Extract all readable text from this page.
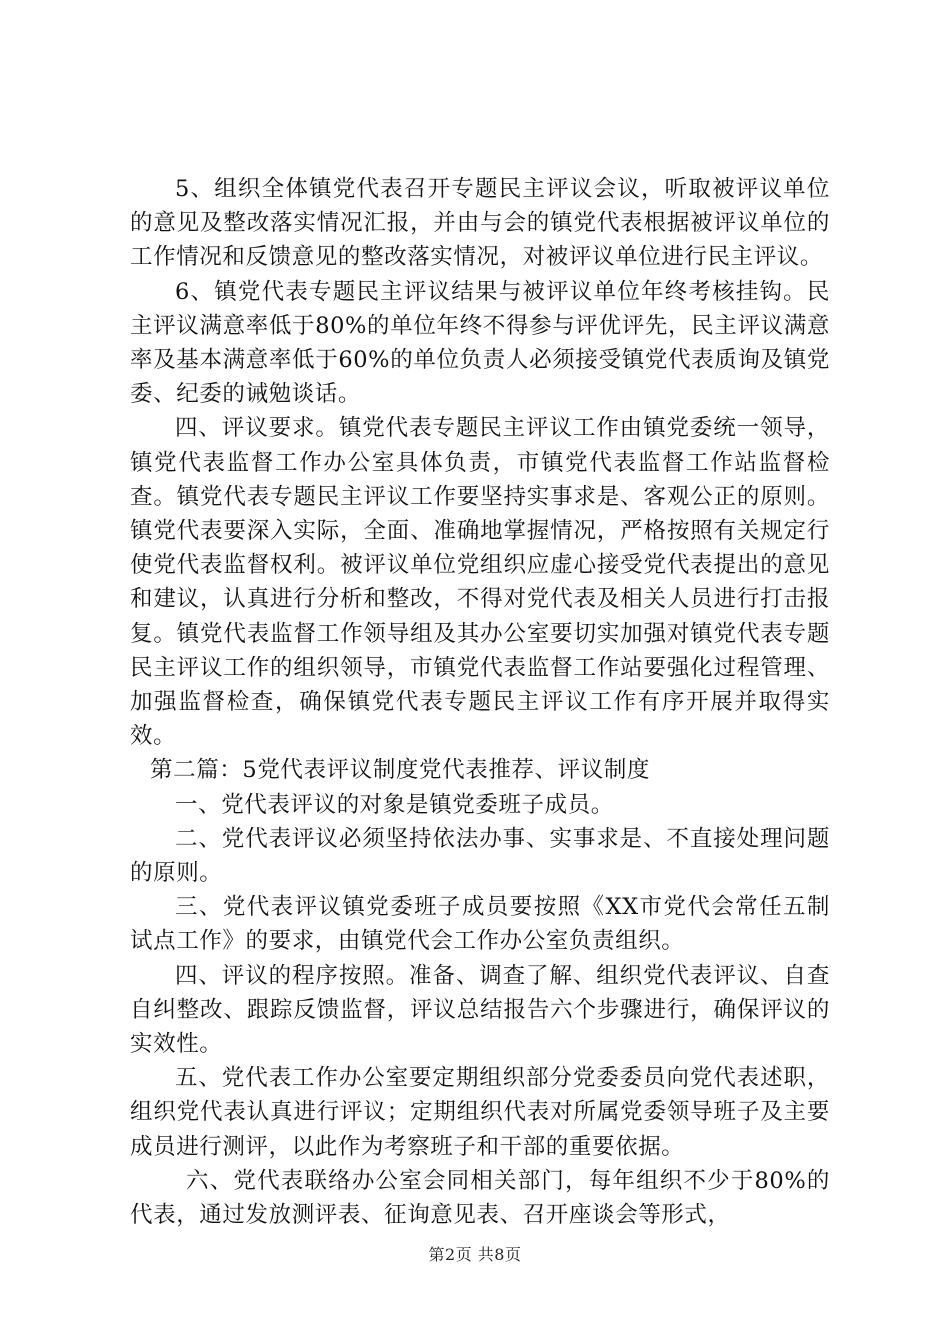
5、组织全体镇党代表召开专题民主评议会议，听取被评议单位的意见及整改落实情况汇报，并由与会的镇党代表根据被评议单位的工作情况和反馈意见的整改落实情况，对被评议单位进行民主评议。

6、镇党代表专题民主评议结果与被评议单位年终考核挂钩。民主评议满意率低于80%的单位年终不得参与评优评先，民主评议满意率及基本满意率低于60%的单位负责人必须接受镇党代表质询及镇党委、纪委的诫勉谈话。

四、评议要求。镇党代表专题民主评议工作由镇党委统一领导，镇党代表监督工作办公室具体负责，市镇党代表监督工作站监督检查。镇党代表专题民主评议工作要坚持实事求是、客观公正的原则。镇党代表要深入实际，全面、准确地掌握情况，严格按照有关规定行使党代表监督权利。被评议单位党组织应虚心接受党代表提出的意见和建议，认真进行分析和整改，不得对党代表及相关人员进行打击报复。镇党代表监督工作领导组及其办公室要切实加强对镇党代表专题民主评议工作的组织领导，市镇党代表监督工作站要强化过程管理、加强监督检查，确保镇党代表专题民主评议工作有序开展并取得实效。

第二篇：5党代表评议制度党代表推荐、评议制度

一、党代表评议的对象是镇党委班子成员。

二、党代表评议必须坚持依法办事、实事求是、不直接处理问题的原则。

三、党代表评议镇党委班子成员要按照《XX市党代会常任五制试点工作》的要求，由镇党代会工作办公室负责组织。

四、评议的程序按照。准备、调查了解、组织党代表评议、自查自纠整改、跟踪反馈监督，评议总结报告六个步骤进行，确保评议的实效性。

五、党代表工作办公室要定期组织部分党委委员向党代表述职，组织党代表认真进行评议；定期组织代表对所属党委领导班子及主要成员进行测评，以此作为考察班子和干部的重要依据。

六、党代表联络办公室会同相关部门，每年组织不少于80%的代表，通过发放测评表、征询意见表、召开座谈会等形式，

第2页 共8页
